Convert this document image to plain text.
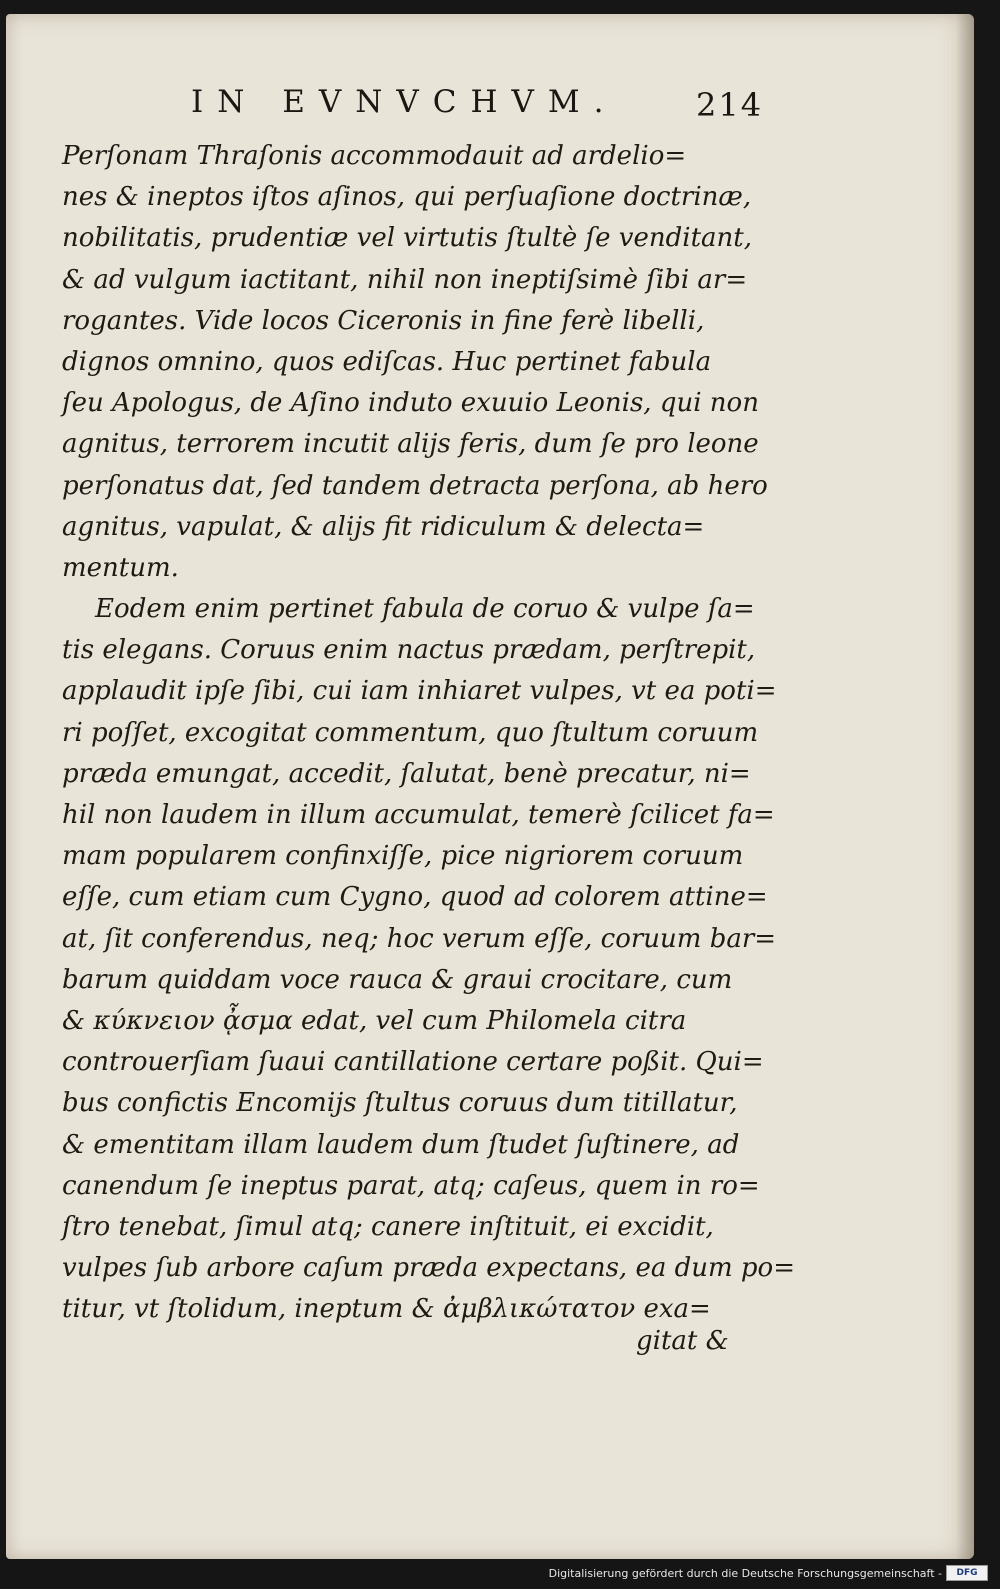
IN EVNVCHVM.	214
Perſonam Thraſonis accommodauit ad ardelio=
nes & ineptos iſtos aſinos, qui perſuaſione doctrinæ,
nobilitatis, prudentiæ vel virtutis ſtultè ſe venditant,
& ad vulgum iactitant, nihil non ineptiſsimè ſibi ar=
rogantes. Vide locos Ciceronis in fine ferè libelli,
dignos omnino, quos ediſcas. Huc pertinet fabula
ſeu Apologus, de Aſino induto exuuio Leonis, qui non
agnitus, terrorem incutit alijs feris, dum ſe pro leone
perſonatus dat, ſed tandem detracta perſona, ab hero
agnitus, vapulat, & alijs fit ridiculum & delecta=
mentum.
Eodem enim pertinet fabula de coruo & vulpe ſa=
tis elegans. Coruus enim nactus prædam, perſtrepit,
applaudit ipſe ſibi, cui iam inhiaret vulpes, vt ea poti=
ri poſſet, excogitat commentum, quo ſtultum coruum
præda emungat, accedit, ſalutat, benè precatur, ni=
hil non laudem in illum accumulat, temerè ſcilicet fa=
mam popularem confinxiſſe, pice nigriorem coruum
eſſe, cum etiam cum Cygno, quod ad colorem attine=
at, ſit conferendus, neq; hoc verum eſſe, coruum bar=
barum quiddam voce rauca & graui crocitare, cum
& κύκνειον ᾆσμα edat, vel cum Philomela citra
controuerſiam ſuaui cantillatione certare poßit. Qui=
bus confictis Encomijs ſtultus coruus dum titillatur,
& ementitam illam laudem dum ſtudet ſuſtinere, ad
canendum ſe ineptus parat, atq; caſeus, quem in ro=
ſtro tenebat, ſimul atq; canere inſtituit, ei excidit,
vulpes ſub arbore caſum præda expectans, ea dum po=
titur, vt ſtolidum, ineptum & ἀμβλικώτατον exa=
gitat &
Digitalisierung gefördert durch die Deutsche Forschungsgemeinschaft -	DFG
